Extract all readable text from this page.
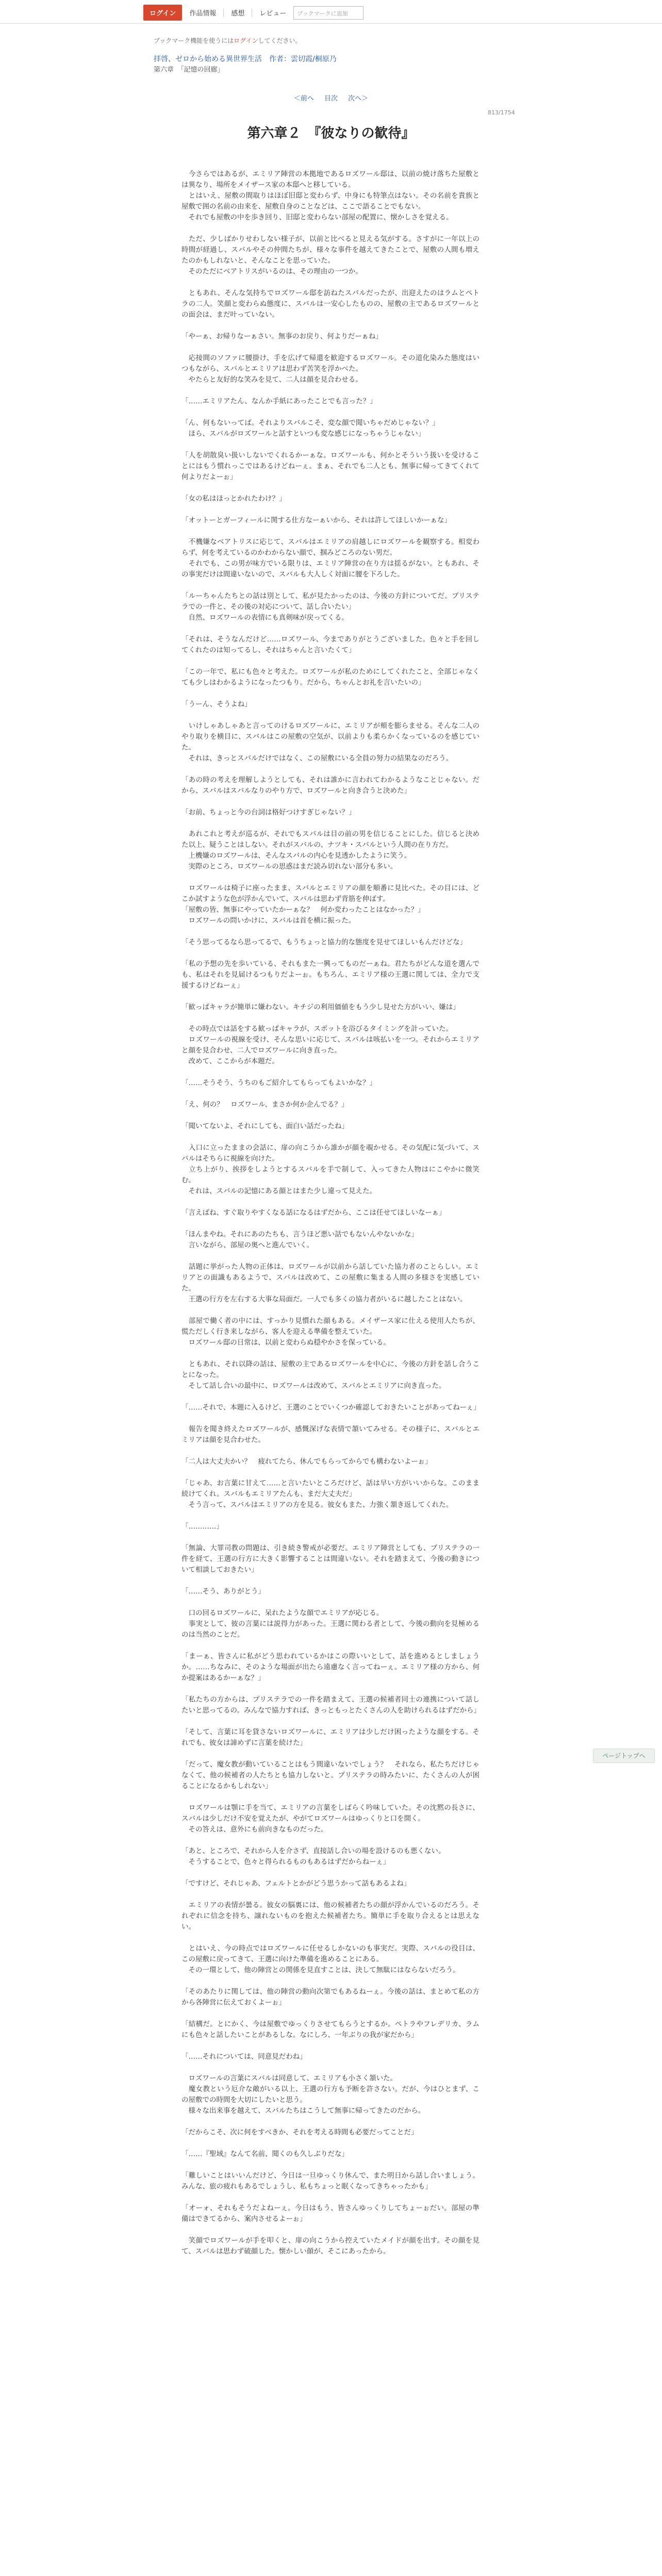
ログイン	作品情報	感想	レビュー	ブックマークに追加
ブックマーク機能を使うにはログインしてください。
拝啓、ゼロから始める異世界生活　作者：雲切霞/桐原乃
第六章　「記憶の回廊」
＜前へ 目次 次へ＞
813/1754
第六章２　『彼なりの歓待』

　今さらではあるが、エミリア陣営の本拠地であるロズワール邸は、以前の焼け落ちた屋敷とは異なり、場所をメイザース家の本邸へと移している。
　とはいえ、屋敷の間取りはほぼ旧邸と変わらず、中身にも特筆点はない。その名前を貴族と屋敷で囲の名前の由来を、屋敷自身のことなどは、ここで語ることでもない。
　それでも屋敷の中を歩き回り、旧邸と変わらない部屋の配置に、懐かしさを覚える。

　ただ、少しばかりせわしない様子が、以前と比べると見える気がする。さすがに一年以上の時間が経過し、スバルやその仲間たちが、様々な事件を越えてきたことで、屋敷の人間も増えたのかもしれないと、そんなことを思っていた。
　そのただにベアトリスがいるのは、その理由の一つか。

　ともあれ、そんな気持ちでロズワール邸を訪ねたスバルだったが、出迎えたのはラムとペトラの二人。笑顔と変わらぬ態度に、スバルは一安心したものの、屋敷の主であるロズワールとの面会は、まだ叶っていない。

「やーぁ、お帰りなーぁさい。無事のお戻り、何よりだーぁね」

　応接間のソファに腰掛け、手を広げて帰還を歓迎するロズワール。その道化染みた態度はいつもながら、スバルとエミリアは思わず苦笑を浮かべた。
　やたらと友好的な笑みを見て、二人は顔を見合わせる。

「……エミリアたん、なんか手紙にあったことでも言った？」

「ん、何もないってば。それよりスバルこそ、変な顔で聞いちゃだめじゃない？」
　ほら、スバルがロズワールと話すといつも変な感じになっちゃうじゃない」

「人を胡散臭い扱いしないでくれるかーぁな。ロズワールも、何かとそういう扱いを受けることにはもう慣れっこではあるけどねーぇ。まぁ、それでも二人とも、無事に帰ってきてくれて何よりだよーぉ」

「女の私はほっとかれたわけ？」

「オットーとガーフィールに関する仕方なーぁいから、それは許してほしいかーぁな」

　不機嫌なベアトリスに応じて、スバルはエミリアの肩越しにロズワールを観察する。相変わらず、何を考えているのかわからない顔で、掴みどころのない男だ。
　それでも、この男が味方でいる限りは、エミリア陣営の在り方は揺るがない。ともあれ、その事実だけは間違いないので、スバルも大人しく対面に腰を下ろした。

「ルーちゃんたちとの話は別として、私が見たかったのは、今後の方針についてだ。プリステラでの一件と、その後の対応について、話し合いたい」
　自然、ロズワールの表情にも真剣味が戻ってくる。

「それは、そうなんだけど……ロズワール、今までありがとうございました。色々と手を回してくれたのは知ってるし、それはちゃんと言いたくて」

「この一年で、私にも色々と考えた。ロズワールが私のためにしてくれたこと、全部じゃなくても少しはわかるようになったつもり。だから、ちゃんとお礼を言いたいの」

「うーん、そうよね」

　いけしゃあしゃあと言ってのけるロズワールに、エミリアが頬を膨らませる。そんな二人のやり取りを横目に、スバルはこの屋敷の空気が、以前よりも柔らかくなっているのを感じていた。
　それは、きっとスバルだけではなく、この屋敷にいる全員の努力の結果なのだろう。

「あの時の考えを理解しようとしても、それは誰かに言われてわかるようなことじゃない。だから、スバルはスバルなりのやり方で、ロズワールと向き合うと決めた」

「お前、ちょっと今の台詞は格好つけすぎじゃない？」

　あれこれと考えが巡るが、それでもスバルは目の前の男を信じることにした。信じると決めた以上、疑うことはしない。それがスバルの、ナツキ・スバルという人間の在り方だ。
　上機嫌のロズワールは、そんなスバルの内心を見透かしたように笑う。
　実際のところ、ロズワールの思惑はまだ読み切れない部分も多い。

　ロズワールは椅子に座ったまま、スバルとエミリアの顔を順番に見比べた。その目には、どこか試すような色が浮かんでいて、スバルは思わず背筋を伸ばす。
「屋敷の皆、無事にやっていたかーぁな？　何か変わったことはなかった？」
　ロズワールの問いかけに、スバルは首を横に振った。

「そう思ってるなら思ってるで、もうちょっと協力的な態度を見せてほしいもんだけどな」

「私の予想の先を歩いている、それもまた一興ってものだーぁね。君たちがどんな道を選んでも、私はそれを見届けるつもりだよーぉ。もちろん、エミリア様の王選に関しては、全力で支援するけどねーぇ」

「歓っぱキャラが簡単に嫌わない。キチジの利用価値をもう少し見せた方がいい、嫌は」

　その時点では話をする歓っぱキャラが、スポットを浴びるタイミングを計っていた。
　ロズワールの視線を受け、そんな思いに応じて、スバルは咳払いを一つ。それからエミリアと顔を見合わせ、二人でロズワールに向き直った。
　改めて、ここからが本題だ。

「……そうそう、うちのもご紹介してもらってもよいかな？」

「え、何の？　ロズワール、まさか何か企んでる？」

「聞いてないよ、それにしても、面白い話だったね」

　入口に立ったままの会話に、扉の向こうから誰かが顔を覗かせる。その気配に気づいて、スバルはそちらに視線を向けた。
　立ち上がり、挨拶をしようとするスバルを手で制して、入ってきた人物はにこやかに微笑む。
　それは、スバルの記憶にある顔とはまた少し違って見えた。

「言えばね、すぐ取りやすくなる話になるはずだから、ここは任せてほしいなーぁ」

「ほんまやね。それにあのたちも、言うほど悪い話でもないんやないかな」
　言いながら、部屋の奥へと進んでいく。

　話題に挙がった人物の正体は、ロズワールが以前から話していた協力者のことらしい。エミリアとの面識もあるようで、スバルは改めて、この屋敷に集まる人間の多様さを実感していた。
　王選の行方を左右する大事な局面だ。一人でも多くの協力者がいるに越したことはない。

　部屋で働く者の中には、すっかり見慣れた顔もある。メイザース家に仕える使用人たちが、慌ただしく行き来しながら、客人を迎える準備を整えていた。
　ロズワール邸の日常は、以前と変わらぬ穏やかさを保っている。

　ともあれ、それ以降の話は、屋敷の主であるロズワールを中心に、今後の方針を話し合うことになった。
　そして話し合いの最中に、ロズワールは改めて、スバルとエミリアに向き直った。

「……それで、本題に入るけど、王選のことでいくつか確認しておきたいことがあってねーぇ」

　報告を聞き終えたロズワールが、感慨深げな表情で頷いてみせる。その様子に、スバルとエミリアは顔を見合わせた。

「二人は大丈夫かい？　疲れてたら、休んでもらってからでも構わないよーぉ」

「じゃあ、お言葉に甘えて……と言いたいところだけど、話は早い方がいいからな。このまま続けてくれ。スバルもエミリアたんも、まだ大丈夫だ」
　そう言って、スバルはエミリアの方を見る。彼女もまた、力強く頷き返してくれた。

「…………」

「無論、大罪司教の問題は、引き続き警戒が必要だ。エミリア陣営としても、プリステラの一件を経て、王選の行方に大きく影響することは間違いない。それを踏まえて、今後の動きについて相談しておきたい」

「……そう、ありがとう」

　口の回るロズワールに、呆れたような顔でエミリアが応じる。
　事実として、彼の言葉には説得力があった。王選に関わる者として、今後の動向を見極めるのは当然のことだ。

「まーぁ、皆さんに私がどう思われているかはこの際いいとして、話を進めるとしましょうか。……ちなみに、そのような場面が出たら遠慮なく言ってねーぇ。エミリア様の方から、何か提案はあるかーぁな？」

「私たちの方からは、プリステラでの一件を踏まえて、王選の候補者同士の連携について話したいと思ってるの。みんなで協力すれば、きっともっとたくさんの人を助けられるはずだから」

「そして、言葉に耳を貸さないロズワールに、エミリアは少しだけ困ったような顔をする。それでも、彼女は諦めずに言葉を続けた」

「だって、魔女教が動いていることはもう間違いないでしょう？　それなら、私たちだけじゃなくて、他の候補者の人たちとも協力しないと。プリステラの時みたいに、たくさんの人が困ることになるかもしれない」

　ロズワールは顎に手を当て、エミリアの言葉をしばらく吟味していた。その沈黙の長さに、スバルは少しだけ不安を覚えたが、やがてロズワールはゆっくりと口を開く。
　その答えは、意外にも前向きなものだった。

「あと、ところで、それから人を介さず、直接話し合いの場を設けるのも悪くない。
　そうすることで、色々と得られるものもあるはずだからねーぇ」

「ですけど、それじゃあ、フェルトとかがどう思うかって話もあるよね」

　エミリアの表情が曇る。彼女の脳裏には、他の候補者たちの顔が浮かんでいるのだろう。それぞれに信念を持ち、譲れないものを抱えた候補者たち。簡単に手を取り合えるとは思えない。

　とはいえ、今の時点ではロズワールに任せるしかないのも事実だ。実際、スバルの役目は、この屋敷に戻ってきて、王選に向けた準備を進めることにある。
　その一環として、他の陣営との関係を見直すことは、決して無駄にはならないだろう。

「そのあたりに関しては、他の陣営の動向次第でもあるねーぇ。今後の話は、まとめて私の方から各陣営に伝えておくよーぉ」

「結構だ。とにかく、今は屋敷でゆっくりさせてもらうとするか。ペトラやフレデリカ、ラムにも色々と話したいことがあるしな。なにしろ、一年ぶりの我が家だから」

「……それについては、同意見だわね」

　ロズワールの言葉にスバルは同意して、エミリアも小さく頷いた。
　魔女教という厄介な敵がいる以上、王選の行方も予断を許さない。だが、今はひとまず、この屋敷での時間を大切にしたいと思う。
　様々な出来事を越えて、スバルたちはこうして無事に帰ってきたのだから。

「だからこそ、次に何をすべきか、それを考える時間も必要だってことだ」

「……『聖域』なんて名前、聞くのも久しぶりだな」

「難しいことはいいんだけど、今日は一旦ゆっくり休んで、また明日から話し合いましょう。みんな、旅の疲れもあるでしょうし、私もちょっと眠くなってきちゃったかも」

「オーォ、それもそうだよねーぇ。今日はもう、皆さんゆっくりしてちょーぉだい。部屋の準備はできてるから、案内させるよーぉ」

　笑顔でロズワールが手を叩くと、扉の向こうから控えていたメイドが顔を出す。その顔を見て、スバルは思わず破顔した。懐かしい顔が、そこにあったから。

ページトップへ
